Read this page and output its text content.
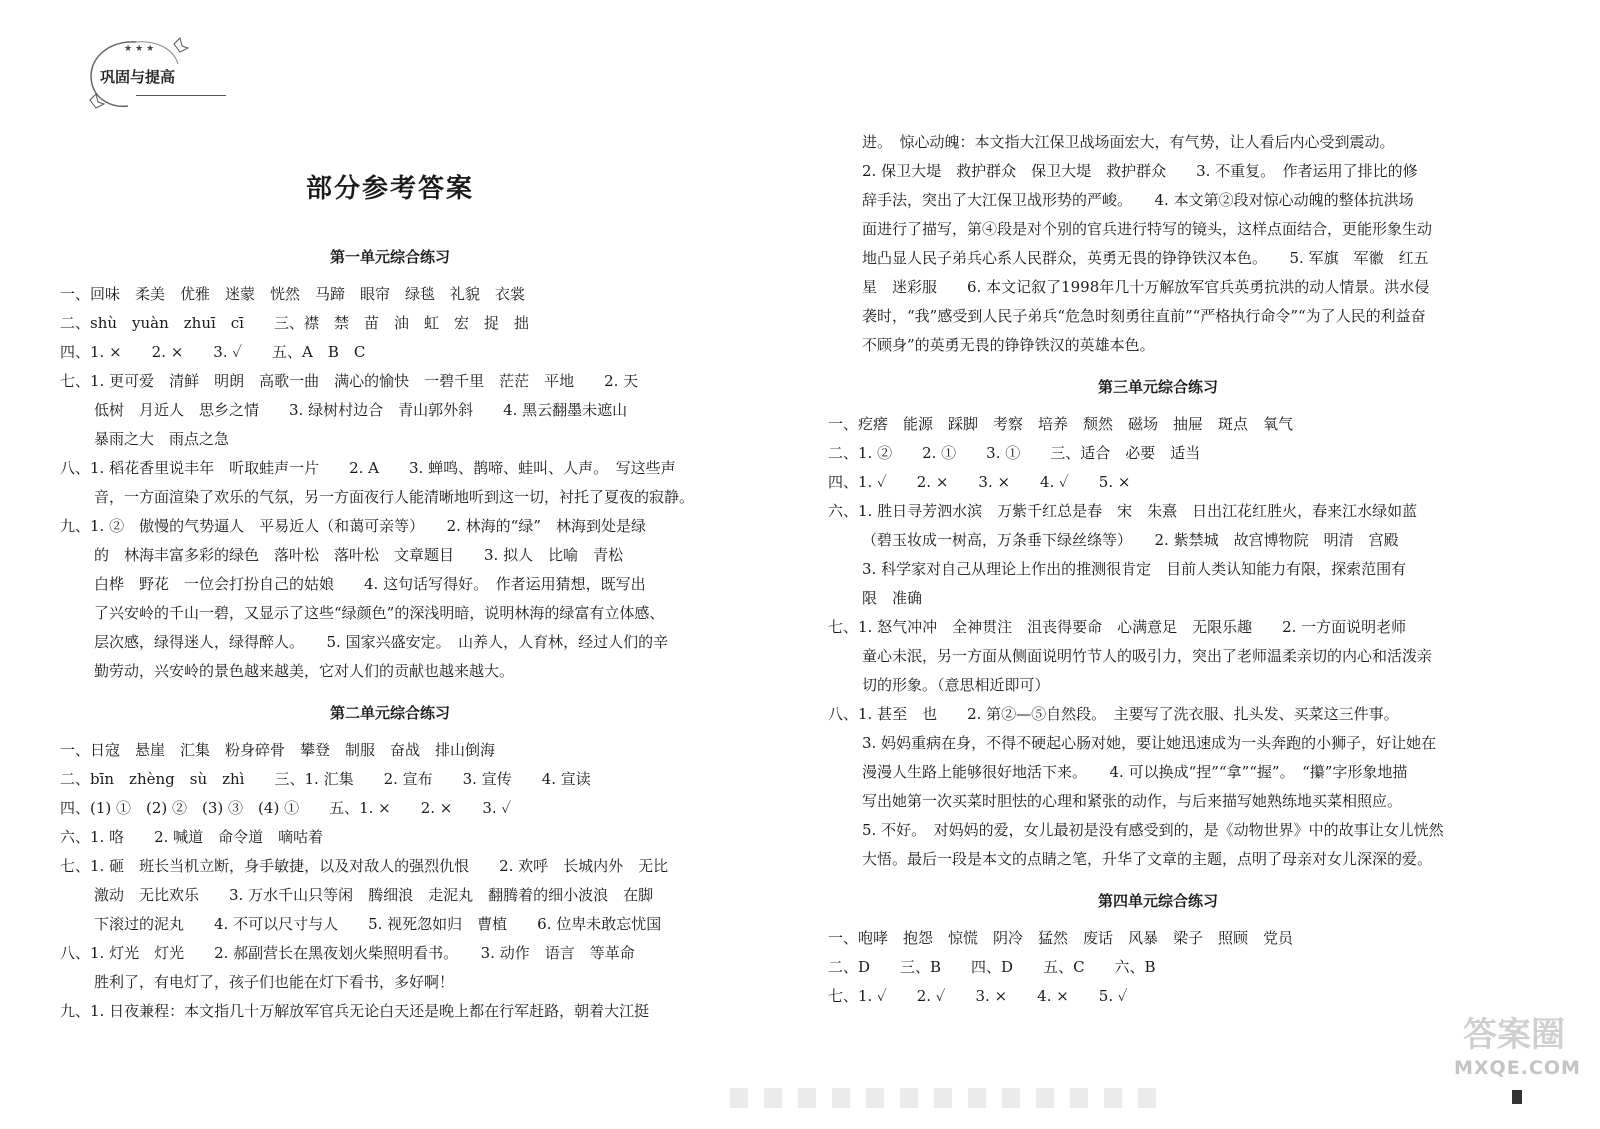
★★★
巩固与提高
部分参考答案
第一单元综合练习
一、回味　柔美　优雅　迷蒙　恍然　马蹄　眼帘　绿毯　礼貌　衣裳
二、shù　yuàn　zhuī　cī　　三、襟　禁　苗　油　虹　宏　捉　拙
四、1. ×　　2. ×　　3. ✓　　五、A　B　C
七、1. 更可爱　清鲜　明朗　高歌一曲　满心的愉快　一碧千里　茫茫　平地　　2. 天
低树　月近人　思乡之情　　3. 绿树村边合　青山郭外斜　　4. 黑云翻墨未遮山
暴雨之大　雨点之急
八、1. 稻花香里说丰年　听取蛙声一片　　2. A　　3. 蝉鸣、鹊啼、蛙叫、人声。　写这些声
音，一方面渲染了欢乐的气氛，另一方面夜行人能清晰地听到这一切，衬托了夏夜的寂静。
九、1. ②　傲慢的气势逼人　平易近人（和蔼可亲等）　　2. 林海的“绿”　林海到处是绿
的　林海丰富多彩的绿色　落叶松　落叶松　文章题目　　3. 拟人　比喻　青松
白桦　野花　一位会打扮自己的姑娘　　4. 这句话写得好。　作者运用猜想，既写出
了兴安岭的千山一碧，又显示了这些“绿颜色”的深浅明暗，说明林海的绿富有立体感、
层次感，绿得迷人，绿得醉人。　　5. 国家兴盛安定。　山养人，人育林，经过人们的辛
勤劳动，兴安岭的景色越来越美，它对人们的贡献也越来越大。
第二单元综合练习
一、日寇　悬崖　汇集　粉身碎骨　攀登　制服　奋战　排山倒海
二、bīn　zhèng　sù　zhì　　三、1. 汇集　　2. 宣布　　3. 宣传　　4. 宣读
四、(1) ①　(2) ②　(3) ③　(4) ①　　五、1. ×　　2. ×　　3. ✓
六、1. 咯　　2. 喊道　命令道　嘀咕着
七、1. 砸　班长当机立断，身手敏捷，以及对敌人的强烈仇恨　　2. 欢呼　长城内外　无比
激动　无比欢乐　　3. 万水千山只等闲　腾细浪　走泥丸　翻腾着的细小波浪　在脚
下滚过的泥丸　　4. 不可以尺寸与人　　5. 视死忽如归　曹植　　6. 位卑未敢忘忧国
八、1. 灯光　灯光　　2. 郝副营长在黑夜划火柴照明看书。　　3. 动作　语言　等革命
胜利了，有电灯了，孩子们也能在灯下看书，多好啊！
九、1. 日夜兼程：本文指几十万解放军官兵无论白天还是晚上都在行军赶路，朝着大江挺
进。　惊心动魄：本文指大江保卫战场面宏大，有气势，让人看后内心受到震动。
2. 保卫大堤　救护群众　保卫大堤　救护群众　　3. 不重复。　作者运用了排比的修
辞手法，突出了大江保卫战形势的严峻。　　4. 本文第②段对惊心动魄的整体抗洪场
面进行了描写，第④段是对个别的官兵进行特写的镜头，这样点面结合，更能形象生动
地凸显人民子弟兵心系人民群众，英勇无畏的铮铮铁汉本色。　　5. 军旗　军徽　红五
星　迷彩服　　6. 本文记叙了1998年几十万解放军官兵英勇抗洪的动人情景。洪水侵
袭时，“我”感受到人民子弟兵“危急时刻勇往直前”“严格执行命令”“为了人民的利益奋
不顾身”的英勇无畏的铮铮铁汉的英雄本色。
第三单元综合练习
一、疙瘩　能源　踩脚　考察　培养　颓然　磁场　抽屉　斑点　氧气
二、1. ②　　2. ①　　3. ①　　三、适合　必要　适当
四、1. ✓　　2. ×　　3. ×　　4. ✓　　5. ×
六、1. 胜日寻芳泗水滨　万紫千红总是春　宋　朱熹　日出江花红胜火，春来江水绿如蓝
（碧玉妆成一树高，万条垂下绿丝绦等）　　2. 紫禁城　故宫博物院　明清　宫殿
3. 科学家对自己从理论上作出的推测很肯定　目前人类认知能力有限，探索范围有
限　准确
七、1. 怒气冲冲　全神贯注　沮丧得要命　心满意足　无限乐趣　　2. 一方面说明老师
童心未泯，另一方面从侧面说明竹节人的吸引力，突出了老师温柔亲切的内心和活泼亲
切的形象。（意思相近即可）
八、1. 甚至　也　　2. 第②—⑤自然段。　主要写了洗衣服、扎头发、买菜这三件事。
3. 妈妈重病在身，不得不硬起心肠对她，要让她迅速成为一头奔跑的小狮子，好让她在
漫漫人生路上能够很好地活下来。　　4. 可以换成“捏”“拿”“握”。　“攥”字形象地描
写出她第一次买菜时胆怯的心理和紧张的动作，与后来描写她熟练地买菜相照应。
5. 不好。　对妈妈的爱，女儿最初是没有感受到的，是《动物世界》中的故事让女儿恍然
大悟。最后一段是本文的点睛之笔，升华了文章的主题，点明了母亲对女儿深深的爱。
第四单元综合练习
一、咆哮　抱怨　惊慌　阴冷　猛然　废话　风暴　梁子　照顾　党员
二、D　　三、B　　四、D　　五、C　　六、B
七、1. ✓　　2. ✓　　3. ×　　4. ×　　5. ✓
答案圈
MXQE.COM
